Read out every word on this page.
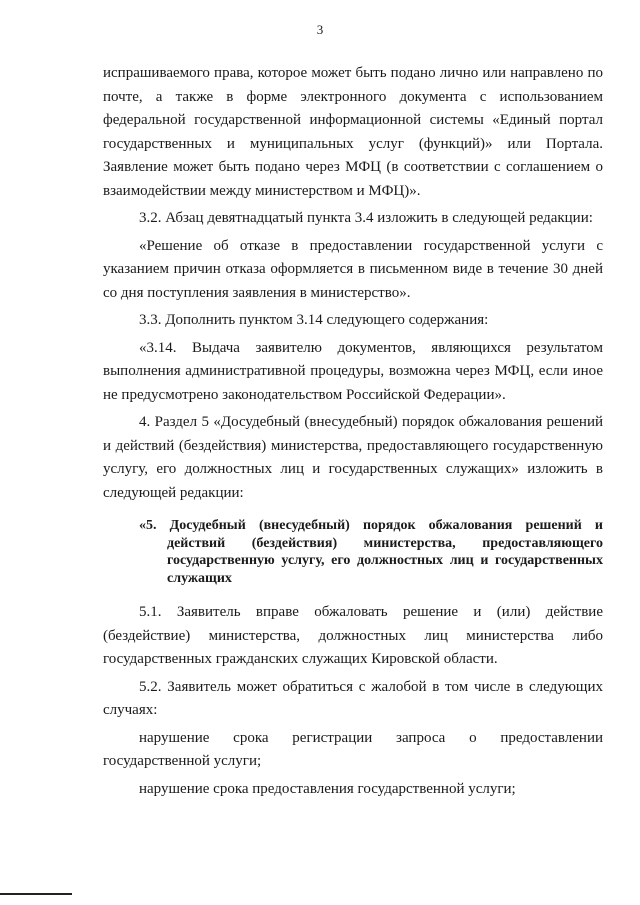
3

испрашиваемого права, которое может быть подано лично или направлено по почте, а также в форме электронного документа с использованием федеральной государственной информационной системы «Единый портал государственных и муниципальных услуг (функций)» или Портала. Заявление может быть подано через МФЦ (в соответствии с соглашением о взаимодействии между министерством и МФЦ)».

3.2. Абзац девятнадцатый пункта 3.4 изложить в следующей редакции:

«Решение об отказе в предоставлении государственной услуги с указанием причин отказа оформляется в письменном виде в течение 30 дней со дня поступления заявления в министерство».

3.3. Дополнить пунктом 3.14 следующего содержания:

«3.14. Выдача заявителю документов, являющихся результатом выполнения административной процедуры, возможна через МФЦ, если иное не предусмотрено законодательством Российской Федерации».

4. Раздел 5 «Досудебный (внесудебный) порядок обжалования решений и действий (бездействия) министерства, предоставляющего государственную услугу, его должностных лиц и государственных служащих» изложить в следующей редакции:

«5. Досудебный (внесудебный) порядок обжалования решений и действий (бездействия) министерства, предоставляющего государственную услугу, его должностных лиц и государственных служащих

5.1. Заявитель вправе обжаловать решение и (или) действие (бездействие) министерства, должностных лиц министерства либо государственных гражданских служащих Кировской области.

5.2. Заявитель может обратиться с жалобой в том числе в следующих случаях:

нарушение срока регистрации запроса о предоставлении государственной услуги;

нарушение срока предоставления государственной услуги;
